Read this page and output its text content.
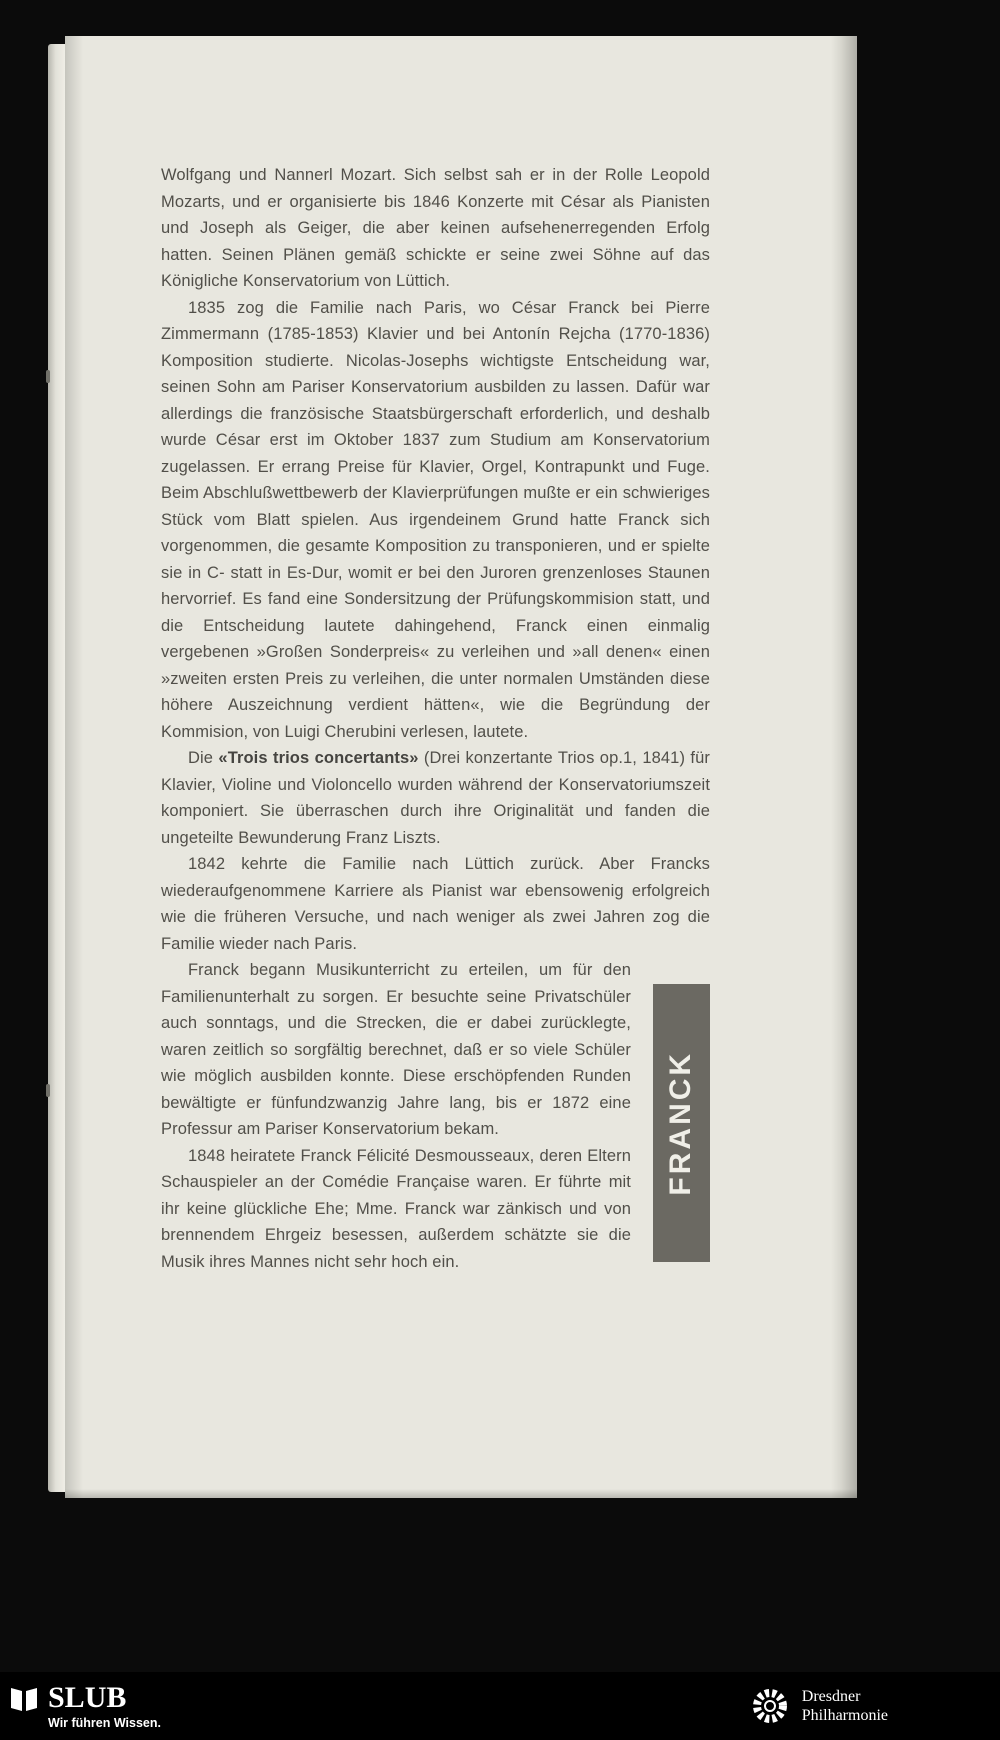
Wolfgang und Nannerl Mozart. Sich selbst sah er in der Rolle Leopold Mozarts, und er organisierte bis 1846 Konzerte mit César als Pianisten und Joseph als Geiger, die aber keinen aufsehenerregenden Erfolg hatten. Seinen Plänen gemäß schickte er seine zwei Söhne auf das Königliche Konservatorium von Lüttich.

1835 zog die Familie nach Paris, wo César Franck bei Pierre Zimmermann (1785-1853) Klavier und bei Antonín Rejcha (1770-1836) Komposition studierte. Nicolas-Josephs wichtigste Entscheidung war, seinen Sohn am Pariser Konservatorium ausbilden zu lassen. Dafür war allerdings die französische Staatsbürgerschaft erforderlich, und deshalb wurde César erst im Oktober 1837 zum Studium am Konservatorium zugelassen. Er errang Preise für Klavier, Orgel, Kontrapunkt und Fuge. Beim Abschlußwettbewerb der Klavierprüfungen mußte er ein schwieriges Stück vom Blatt spielen. Aus irgendeinem Grund hatte Franck sich vorgenommen, die gesamte Komposition zu transponieren, und er spielte sie in C- statt in Es-Dur, womit er bei den Juroren grenzenloses Staunen hervorrief. Es fand eine Sondersitzung der Prüfungskommision statt, und die Entscheidung lautete dahingehend, Franck einen einmalig vergebenen »Großen Sonderpreis« zu verleihen und »all denen« einen »zweiten ersten Preis zu verleihen, die unter normalen Umständen diese höhere Auszeichnung verdient hätten«, wie die Begründung der Kommision, von Luigi Cherubini verlesen, lautete.

Die «Trois trios concertants» (Drei konzertante Trios op.1, 1841) für Klavier, Violine und Violoncello wurden während der Konservatoriumszeit komponiert. Sie überraschen durch ihre Originalität und fanden die ungeteilte Bewunderung Franz Liszts.

1842 kehrte die Familie nach Lüttich zurück. Aber Francks wiederaufgenommene Karriere als Pianist war ebensowenig erfolgreich wie die früheren Versuche, und nach weniger als zwei Jahren zog die Familie wieder nach Paris.

FRANCK

Franck begann Musikunterricht zu erteilen, um für den Familienunterhalt zu sorgen. Er besuchte seine Privatschüler auch sonntags, und die Strecken, die er dabei zurücklegte, waren zeitlich so sorgfältig berechnet, daß er so viele Schüler wie möglich ausbilden konnte. Diese erschöpfenden Runden bewältigte er fünfundzwanzig Jahre lang, bis er 1872 eine Professur am Pariser Konservatorium bekam.

1848 heiratete Franck Félicité Desmousseaux, deren Eltern Schauspieler an der Comédie Française waren. Er führte mit ihr keine glückliche Ehe; Mme. Franck war zänkisch und von brennendem Ehrgeiz besessen, außerdem schätzte sie die Musik ihres Mannes nicht sehr hoch ein.

SLUB
Wir führen Wissen.
Dresdner
Philharmonie
